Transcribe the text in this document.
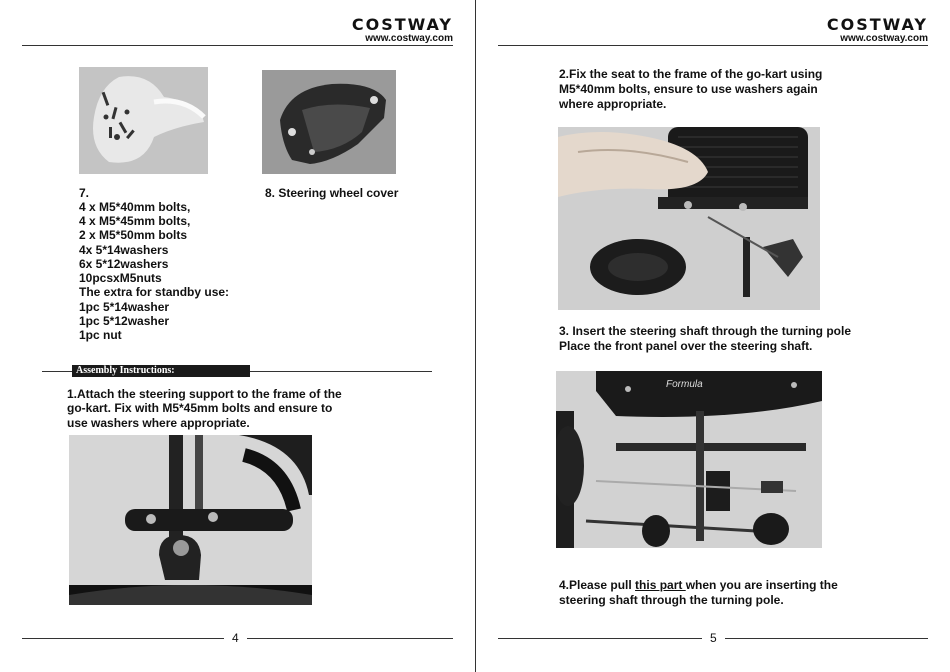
COSTWAY
www.costway.com

7.

4 x M5*40mm bolts,

4 x M5*45mm bolts,

2 x M5*50mm bolts

4x 5*14washers

6x 5*12washers

10pcsxM5nuts

The extra for standby use:

1pc 5*14washer

1pc 5*12washer

1pc nut

8. Steering wheel cover

Assembly Instructions:

1.Attach the steering support to the frame of the

go-kart. Fix with M5*45mm bolts and ensure to

use washers where appropriate.

4
COSTWAY
www.costway.com

2.Fix the seat to the frame of the go-kart using

M5*40mm bolts, ensure to use washers again

where appropriate.

3. Insert the steering shaft through the turning pole

Place the front panel over the steering shaft.

Formula

4.Please pull this part when you are inserting the

steering shaft through the turning pole.

5
